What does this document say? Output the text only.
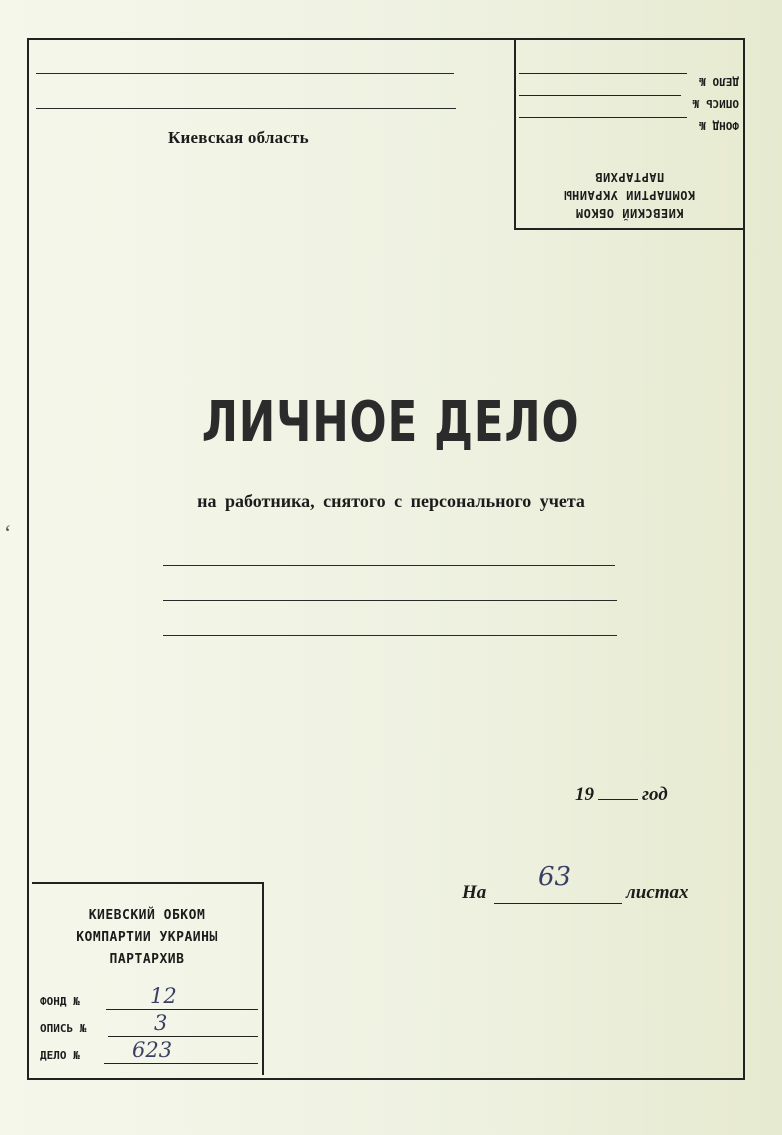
Киевская область
КИЕВСКИЙ ОБКОМ
КОМПАРТИИ УКРАИНЫ
ПАРТАРХИВ
ФОНД №
ОПИСЬ №
ДЕЛО №
ЛИЧНОЕ ДЕЛО
на работника, снятого с персонального учета
19	год
На
63
листах
КИЕВСКИЙ ОБКОМ
КОМПАРТИИ УКРАИНЫ
ПАРТАРХИВ
ФОНД №	12
ОПИСЬ №	3
ДЕЛО № 623
‘
